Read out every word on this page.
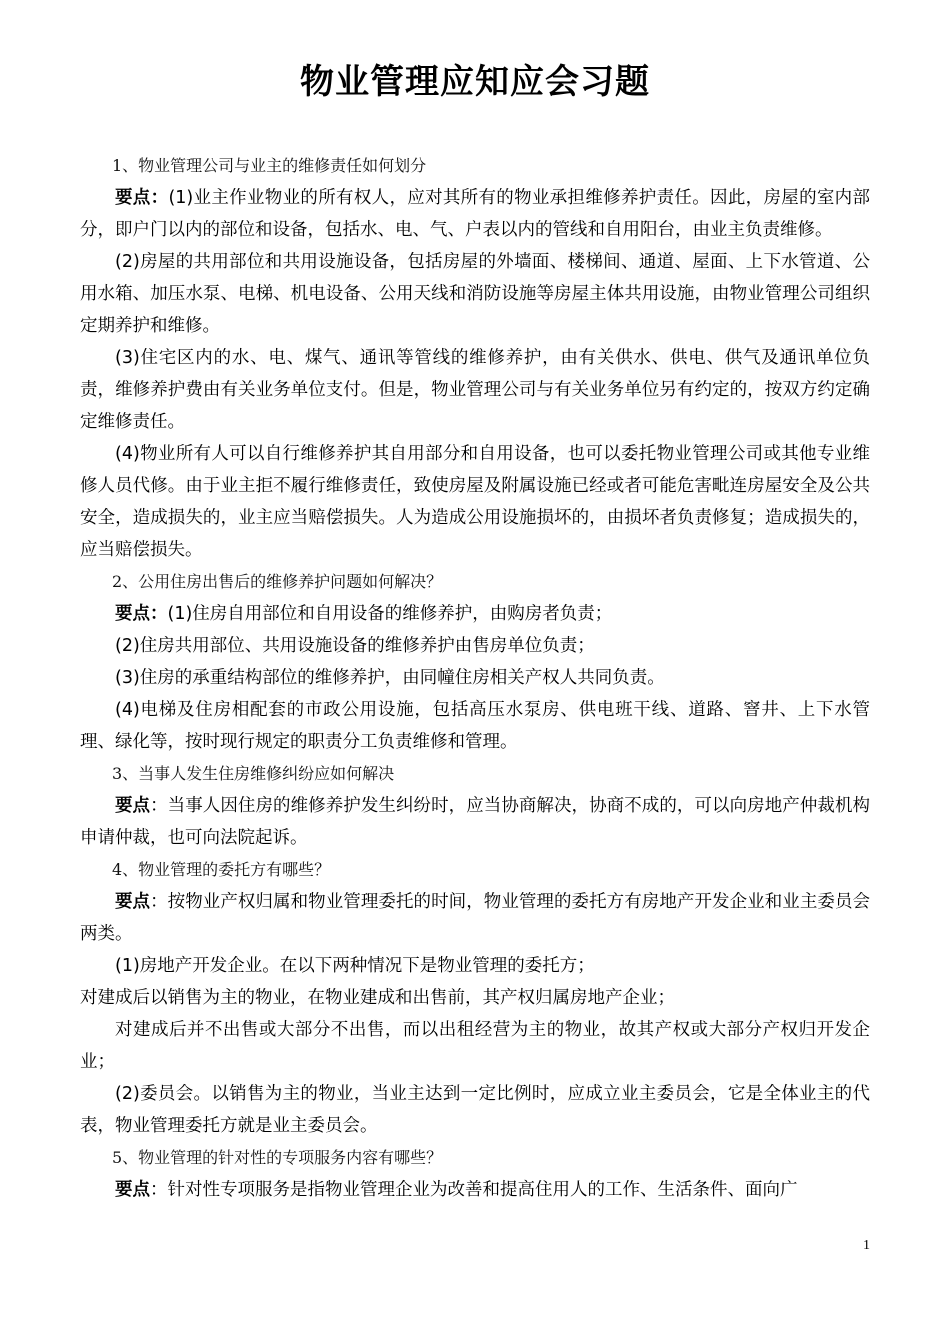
物业管理应知应会习题

1、物业管理公司与业主的维修责任如何划分

要点：(1)业主作业物业的所有权人，应对其所有的物业承担维修养护责任。因此，房屋的室内部分，即户门以内的部位和设备，包括水、电、气、户表以内的管线和自用阳台，由业主负责维修。

(2)房屋的共用部位和共用设施设备，包括房屋的外墙面、楼梯间、通道、屋面、上下水管道、公用水箱、加压水泵、电梯、机电设备、公用天线和消防设施等房屋主体共用设施，由物业管理公司组织定期养护和维修。

(3)住宅区内的水、电、煤气、通讯等管线的维修养护，由有关供水、供电、供气及通讯单位负责，维修养护费由有关业务单位支付。但是，物业管理公司与有关业务单位另有约定的，按双方约定确定维修责任。

(4)物业所有人可以自行维修养护其自用部分和自用设备，也可以委托物业管理公司或其他专业维修人员代修。由于业主拒不履行维修责任，致使房屋及附属设施已经或者可能危害毗连房屋安全及公共安全，造成损失的，业主应当赔偿损失。人为造成公用设施损坏的，由损坏者负责修复；造成损失的，应当赔偿损失。

2、公用住房出售后的维修养护问题如何解决？

要点：(1)住房自用部位和自用设备的维修养护，由购房者负责；

(2)住房共用部位、共用设施设备的维修养护由售房单位负责；

(3)住房的承重结构部位的维修养护，由同幢住房相关产权人共同负责。

(4)电梯及住房相配套的市政公用设施，包括高压水泵房、供电班干线、道路、窨井、上下水管理、绿化等，按时现行规定的职责分工负责维修和管理。

3、当事人发生住房维修纠纷应如何解决

要点：当事人因住房的维修养护发生纠纷时，应当协商解决，协商不成的，可以向房地产仲裁机构申请仲裁，也可向法院起诉。

4、物业管理的委托方有哪些？

要点：按物业产权归属和物业管理委托的时间，物业管理的委托方有房地产开发企业和业主委员会两类。

(1)房地产开发企业。在以下两种情况下是物业管理的委托方；

对建成后以销售为主的物业，在物业建成和出售前，其产权归属房地产企业；

对建成后并不出售或大部分不出售，而以出租经营为主的物业，故其产权或大部分产权归开发企业；

(2)委员会。以销售为主的物业，当业主达到一定比例时，应成立业主委员会，它是全体业主的代表，物业管理委托方就是业主委员会。

5、物业管理的针对性的专项服务内容有哪些？

要点：针对性专项服务是指物业管理企业为改善和提高住用人的工作、生活条件、面向广

1
